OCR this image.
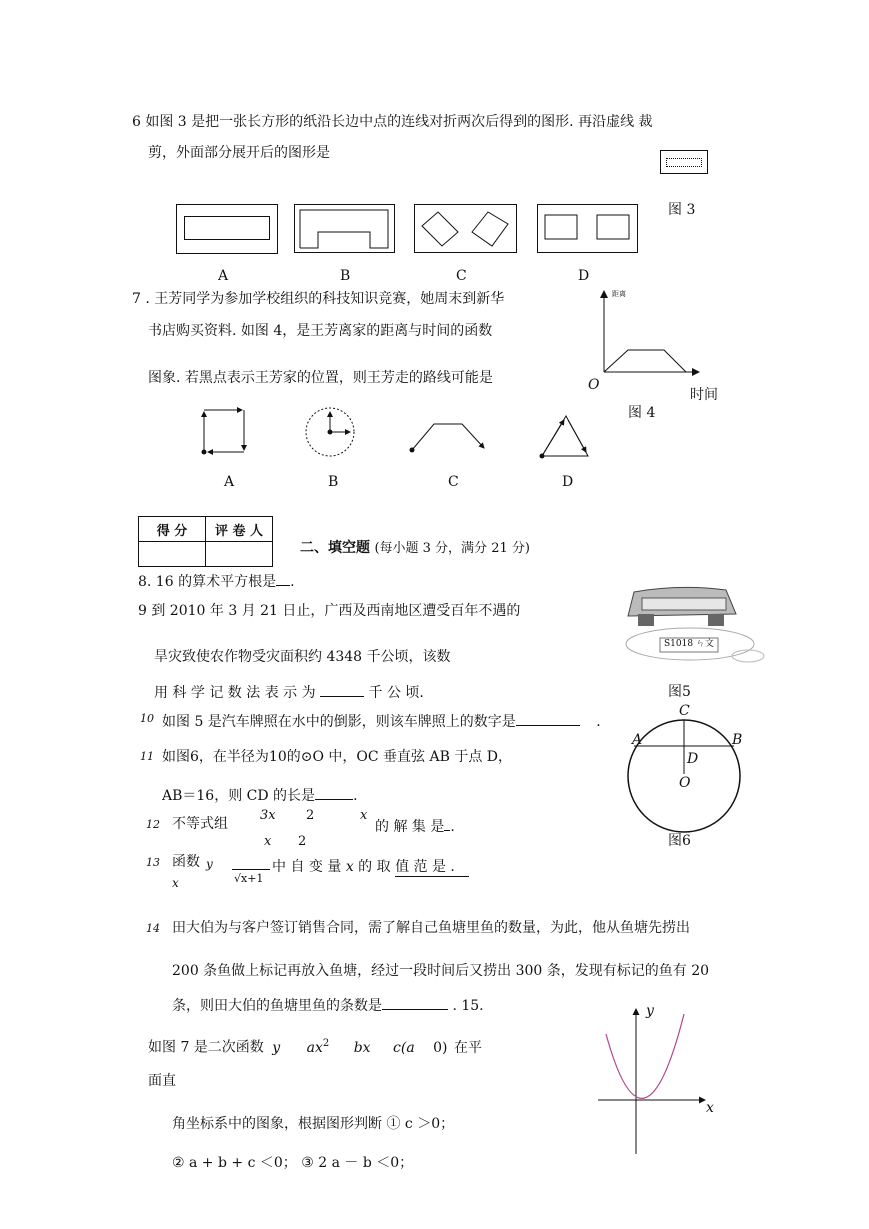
6 如图 3 是把一张长方形的纸沿长边中点的连线对折两次后得到的图形. 再沿虚线 裁
剪，外面部分展开后的图形是
图 3
A	B	C	D
7 . 王芳同学为参加学校组织的科技知识竞赛，她周末到新华
书店购买资料. 如图 4，是王芳离家的距离与时间的函数
图象. 若黑点表示王芳家的位置，则王芳走的路线可能是
距离
O
时间
图 4
A	B	C	D
得 分	评 卷 人

二、填空题 (每小题 3 分，满分 21 分)
8. 16 的算术平方根是 .
9 到 2010 年 3 月 21 日止，广西及西南地区遭受百年不遇的
旱灾致使农作物受灾面积约 4348 千公顷，该数
用 科 学 记 数 法 表 示 为	千 公 顷.
S1018 ㄣ文
图5
10 如图 5 是汽车牌照在水中的倒影，则该车牌照上的数字是	.
11 如图6，在半径为10的⊙O 中，OC 垂直弦 AB 于点 D，
AB＝16，则 CD 的长是	.
C
A	B
D
O
图6
12 不等式组
3x 2	x
x 2
的 解 集 是 .
13 函数 y
x	√x+1
中 自 变 量 x 的 取 值 范 是 .
14 田大伯为与客户签订销售合同，需了解自己鱼塘里鱼的数量，为此，他从鱼塘先捞出
200 条鱼做上标记再放入鱼塘，经过一段时间后又捞出 300 条，发现有标记的鱼有 20
条，则田大伯的鱼塘里鱼的条数是	. 15.
如图 7 是二次函数 y $ax^2$ bx c(a 0) 在平
面直
角坐标系中的图象，根据图形判断 ① c ＞0；
② a + b + c ＜0； ③ 2 a － b ＜0；
y
x
